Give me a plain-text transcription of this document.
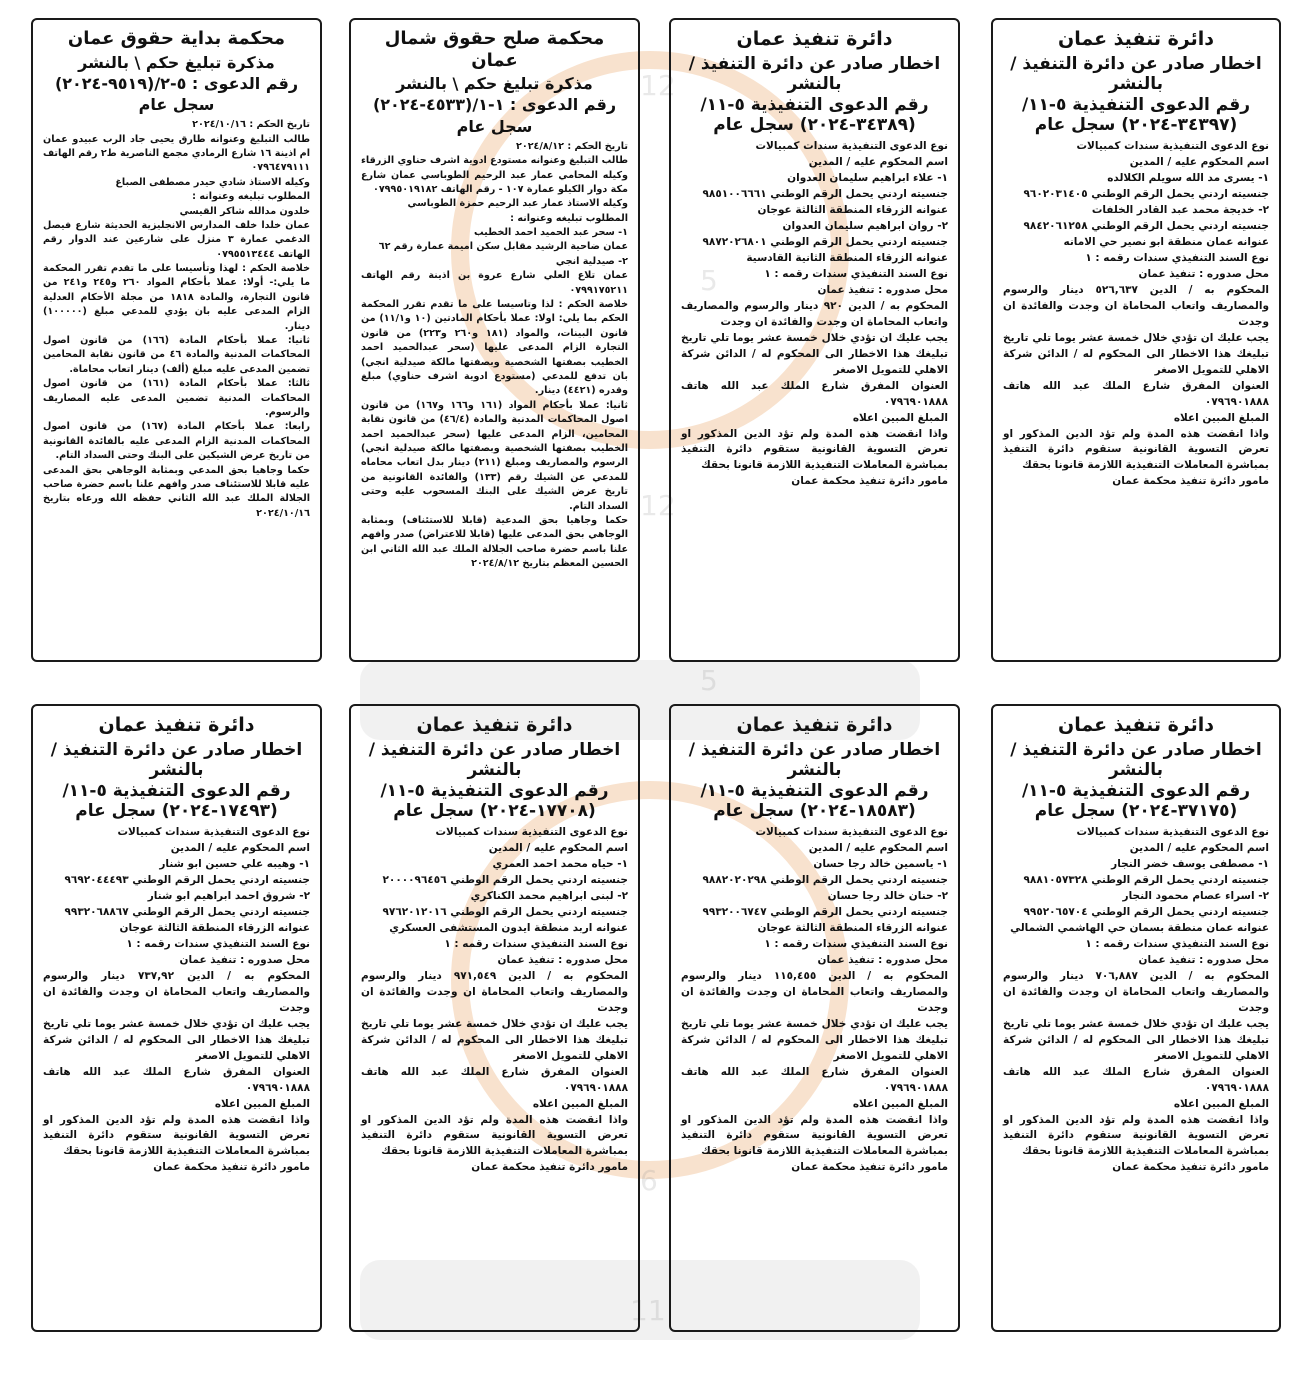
12
5
12
5
6
11
دائرة تنفيذ عمان
اخطار صادر عن دائرة التنفيذ / بالنشر
رقم الدعوى التنفيذية ٥-١١/
(٣٤٣٩٧-٢٠٢٤) سجل عام

نوع الدعوى التنفيذية سندات كمبيالات

اسم المحكوم عليه / المدين

١- يسرى مد الله سويلم الكلالده

جنسيته اردني يحمل الرقم الوطني ٩٦٠٢٠٣١٤٠٥

٢- خديجة محمد عبد القادر الخلفات

جنسيته اردني يحمل الرقم الوطني ٩٨٤٢٠٦١٢٥٨

عنوانه عمان منطقة ابو نصير حي الامانه

نوع السند التنفيذي سندات رقمه : ١

محل صدوره : تنفيذ عمان

المحكوم به / الدين ٥٢٦,٦٣٧ دينار والرسوم والمصاريف واتعاب المحاماة ان وجدت والفائدة ان وجدت

يجب عليك ان تؤدي خلال خمسة عشر يوما تلي تاريخ تبليغك هذا الاخطار الى المحكوم له / الدائن شركة الاهلي للتمويل الاصغر

العنوان المفرق شارع الملك عبد الله هاتف ٠٧٩٦٩٠١٨٨٨

المبلغ المبين اعلاه

واذا انقضت هذه المدة ولم تؤد الدين المذكور او تعرض التسوية القانونية ستقوم دائرة التنفيذ بمباشرة المعاملات التنفيذية اللازمة قانونا بحقك

مامور دائرة تنفيذ محكمة عمان

دائرة تنفيذ عمان
اخطار صادر عن دائرة التنفيذ / بالنشر
رقم الدعوى التنفيذية ٥-١١/
(٣٤٣٨٩-٢٠٢٤) سجل عام

نوع الدعوى التنفيذية سندات كمبيالات

اسم المحكوم عليه / المدين

١- علاء ابراهيم سليمان العدوان

جنسيته اردني يحمل الرقم الوطني ٩٨٥١٠٠٦٦٦١

عنوانه الزرقاء المنطقة الثالثة عوجان

٢- روان ابراهيم سليمان العدوان

جنسيته اردني يحمل الرقم الوطني ٩٨٧٢٠٢٦٨٠١

عنوانه الزرقاء المنطقة الثانية القادسية

نوع السند التنفيذي سندات رقمه : ١

محل صدوره : تنفيذ عمان

المحكوم به / الدين ٩٢٠ دينار والرسوم والمصاريف واتعاب المحاماة ان وجدت والفائدة ان وجدت

يجب عليك ان تؤدي خلال خمسة عشر يوما تلي تاريخ تبليغك هذا الاخطار الى المحكوم له / الدائن شركة الاهلي للتمويل الاصغر

العنوان المفرق شارع الملك عبد الله هاتف ٠٧٩٦٩٠١٨٨٨

المبلغ المبين اعلاه

واذا انقضت هذه المدة ولم تؤد الدين المذكور او تعرض التسوية القانونية ستقوم دائرة التنفيذ بمباشرة المعاملات التنفيذية اللازمة قانونا بحقك

مامور دائرة تنفيذ محكمة عمان

محكمة صلح حقوق شمال عمان
مذكرة تبليغ حكم \ بالنشر
رقم الدعوى : ١-١/(٤٥٣٣-٢٠٢٤)
سجل عام

تاريخ الحكم : ٢٠٢٤/٨/١٢

طالب التبليغ وعنوانه مستودع ادوية اشرف حناوي الزرقاء وكيله المحامي عمار عبد الرحيم الطوباسي عمان شارع مكة دوار الكيلو عمارة ١٠٧ - رقم الهاتف ٠٧٩٩٥٠١٩١٨٢

وكيله الاستاذ عمار عبد الرحيم حمزة الطوباسي

المطلوب تبليغه وعنوانه :

١- سحر عبد الحميد احمد الخطيب

عمان ضاحية الرشيد مقابل سكن اميمة عمارة رقم ٦٢

٢- صيدلية انجي

عمان تلاع العلي شارع عروة بن اذينة رقم الهاتف ٠٧٩٩١٧٥٢١١

خلاصة الحكم : لذا وتاسيسا على ما تقدم تقرر المحكمة الحكم بما يلي: اولا: عملا بأحكام المادتين (١٠ و١١/١) من قانون البينات، والمواد (١٨١ و٢٦٠ و٢٢٣) من قانون التجارة الزام المدعى عليها (سحر عبدالحميد احمد الخطيب بصفتها الشخصية وبصفتها مالكة صيدلية انجي) بان تدفع للمدعي (مستودع ادوية اشرف حناوي) مبلغ وقدره (٤٤٢١) دينار.

ثانيا: عملا بأحكام المواد (١٦١ و١٦٦ و١٦٧) من قانون اصول المحاكمات المدنية والمادة (٤٦/٤) من قانون نقابة المحامين، الزام المدعى عليها (سحر عبدالحميد احمد الخطيب بصفتها الشخصية وبصفتها مالكة صيدلية انجي) الرسوم والمصاريف ومبلغ (٢١١) دينار بدل اتعاب محاماه للمدعي عن الشيك رقم (١٣٣) والفائدة القانونية من تاريخ عرض الشيك على البنك المسحوب عليه وحتى السداد التام.

حكما وجاهيا بحق المدعية (قابلا للاستئناف) وبمثابة الوجاهي بحق المدعى عليها (قابلا للاعتراض) صدر وافهم علنا باسم حضرة صاحب الجلالة الملك عبد الله الثاني ابن الحسين المعظم بتاريخ ٢٠٢٤/٨/١٢

محكمة بداية حقوق عمان
مذكرة تبليغ حكم \ بالنشر
رقم الدعوى : ٥-٢/(٩٥١٩-٢٠٢٤)
سجل عام

تاريخ الحكم : ٢٠٢٤/١٠/١٦

طالب التبليغ وعنوانه طارق يحيى جاد الرب عبيدو عمان ام اذينة ١٦ شارع الرمادي مجمع الناصرية ط٢ رقم الهاتف ٠٧٩٦٤٧٩١١١

وكيله الاستاذ شادي حيدر مصطفى الصباغ

المطلوب تبليغه وعنوانه :

خلدون مدالله شاكر القيسي

عمان خلدا خلف المدارس الانجليزية الحديثة شارع فيصل الدغمي عمارة ٣ منزل على شارعين عند الدوار رقم الهاتف ٠٧٩٥٥١٣٤٤٤

خلاصة الحكم : لهذا وتأسيسا على ما تقدم تقرر المحكمة ما يلي:- أولا: عملا بأحكام المواد ٢٦٠ و٢٤٥ و٢٤١ من قانون التجارة، والمادة ١٨١٨ من مجلة الأحكام العدلية الزام المدعى عليه بان يؤدي للمدعي مبلغ (١٠٠٠٠٠) دينار.

ثانيا: عملا بأحكام المادة (١٦٦) من قانون اصول المحاكمات المدنية والمادة ٤٦ من قانون نقابة المحامين تضمين المدعى عليه مبلغ (ألف) دينار اتعاب محاماة.

ثالثا: عملا بأحكام المادة (١٦١) من قانون اصول المحاكمات المدنية تضمين المدعى عليه المصاريف والرسوم.

رابعا: عملا بأحكام المادة (١٦٧) من قانون اصول المحاكمات المدنية الزام المدعى عليه بالفائدة القانونية من تاريخ عرض الشيكين على البنك وحتى السداد التام.

حكما وجاهيا بحق المدعي وبمثابة الوجاهي بحق المدعى عليه قابلا للاستئناف صدر وافهم علنا باسم حضرة صاحب الجلالة الملك عبد الله الثاني حفظه الله ورعاه بتاريخ ٢٠٢٤/١٠/١٦

دائرة تنفيذ عمان
اخطار صادر عن دائرة التنفيذ / بالنشر
رقم الدعوى التنفيذية ٥-١١/
(٣٧١٧٥-٢٠٢٤) سجل عام

نوع الدعوى التنفيذية سندات كمبيالات

اسم المحكوم عليه / المدين

١- مصطفى يوسف خضر النجار

جنسيته اردني يحمل الرقم الوطني ٩٨٨١٠٥٧٣٢٨

٢- اسراء عصام محمود النجار

جنسيته اردني يحمل الرقم الوطني ٩٩٥٢٠٦٥٧٠٤

عنوانه عمان منطقة بسمان حي الهاشمي الشمالي

نوع السند التنفيذي سندات رقمه : ١

محل صدوره : تنفيذ عمان

المحكوم به / الدين ٧٠٦,٨٨٧ دينار والرسوم والمصاريف واتعاب المحاماة ان وجدت والفائدة ان وجدت

يجب عليك ان تؤدي خلال خمسة عشر يوما تلي تاريخ تبليغك هذا الاخطار الى المحكوم له / الدائن شركة الاهلي للتمويل الاصغر

العنوان المفرق شارع الملك عبد الله هاتف ٠٧٩٦٩٠١٨٨٨

المبلغ المبين اعلاه

واذا انقضت هذه المدة ولم تؤد الدين المذكور او تعرض التسوية القانونية ستقوم دائرة التنفيذ بمباشرة المعاملات التنفيذية اللازمة قانونا بحقك

مامور دائرة تنفيذ محكمة عمان

دائرة تنفيذ عمان
اخطار صادر عن دائرة التنفيذ / بالنشر
رقم الدعوى التنفيذية ٥-١١/
(١٨٥٨٣-٢٠٢٤) سجل عام

نوع الدعوى التنفيذية سندات كمبيالات

اسم المحكوم عليه / المدين

١- ياسمين خالد رجا حسان

جنسيته اردني يحمل الرقم الوطني ٩٨٨٢٠٢٠٢٩٨

٢- حنان خالد رجا حسان

جنسيته اردني يحمل الرقم الوطني ٩٩٣٢٠٠٦٧٤٧

عنوانه الزرقاء المنطقة الثالثة عوجان

نوع السند التنفيذي سندات رقمه : ١

محل صدوره : تنفيذ عمان

المحكوم به / الدين ١١٥,٤٥٥ دينار والرسوم والمصاريف واتعاب المحاماة ان وجدت والفائدة ان وجدت

يجب عليك ان تؤدي خلال خمسة عشر يوما تلي تاريخ تبليغك هذا الاخطار الى المحكوم له / الدائن شركة الاهلي للتمويل الاصغر

العنوان المفرق شارع الملك عبد الله هاتف ٠٧٩٦٩٠١٨٨٨

المبلغ المبين اعلاه

واذا انقضت هذه المدة ولم تؤد الدين المذكور او تعرض التسوية القانونية ستقوم دائرة التنفيذ بمباشرة المعاملات التنفيذية اللازمة قانونا بحقك

مامور دائرة تنفيذ محكمة عمان

دائرة تنفيذ عمان
اخطار صادر عن دائرة التنفيذ / بالنشر
رقم الدعوى التنفيذية ٥-١١/
(١٧٧٠٨-٢٠٢٤) سجل عام

نوع الدعوى التنفيذية سندات كمبيالات

اسم المحكوم عليه / المدين

١- حياه محمد احمد العمري

جنسيته اردني يحمل الرقم الوطني ٢٠٠٠٠٩٦٤٥٦

٢- لبنى ابراهيم محمد الكناكري

جنسيته اردني يحمل الرقم الوطني ٩٧٦٢٠١٢٠١٦

عنوانه اربد منطقة ايدون المستشفى العسكري

نوع السند التنفيذي سندات رقمه : ١

محل صدوره : تنفيذ عمان

المحكوم به / الدين ٩٧١,٥٤٩ دينار والرسوم والمصاريف واتعاب المحاماة ان وجدت والفائدة ان وجدت

يجب عليك ان تؤدي خلال خمسة عشر يوما تلي تاريخ تبليغك هذا الاخطار الى المحكوم له / الدائن شركة الاهلي للتمويل الاصغر

العنوان المفرق شارع الملك عبد الله هاتف ٠٧٩٦٩٠١٨٨٨

المبلغ المبين اعلاه

واذا انقضت هذه المدة ولم تؤد الدين المذكور او تعرض التسوية القانونية ستقوم دائرة التنفيذ بمباشرة المعاملات التنفيذية اللازمة قانونا بحقك

مامور دائرة تنفيذ محكمة عمان

دائرة تنفيذ عمان
اخطار صادر عن دائرة التنفيذ / بالنشر
رقم الدعوى التنفيذية ٥-١١/
(١٧٤٩٣-٢٠٢٤) سجل عام

نوع الدعوى التنفيذية سندات كمبيالات

اسم المحكوم عليه / المدين

١- وهيبه علي حسين ابو شنار

جنسيته اردني يحمل الرقم الوطني ٩٦٩٢٠٤٤٤٩٣

٢- شروق احمد ابراهيم ابو شنار

جنسيته اردني يحمل الرقم الوطني ٩٩٣٢٠٦٨٨٦٧

عنوانه الزرقاء المنطقة الثالثة عوجان

نوع السند التنفيذي سندات رقمه : ١

محل صدوره : تنفيذ عمان

المحكوم به / الدين ٧٣٧,٩٢ دينار والرسوم والمصاريف واتعاب المحاماة ان وجدت والفائدة ان وجدت

يجب عليك ان تؤدي خلال خمسة عشر يوما تلي تاريخ تبليغك هذا الاخطار الى المحكوم له / الدائن شركة الاهلي للتمويل الاصغر

العنوان المفرق شارع الملك عبد الله هاتف ٠٧٩٦٩٠١٨٨٨

المبلغ المبين اعلاه

واذا انقضت هذه المدة ولم تؤد الدين المذكور او تعرض التسوية القانونية ستقوم دائرة التنفيذ بمباشرة المعاملات التنفيذية اللازمة قانونا بحقك

مامور دائرة تنفيذ محكمة عمان
